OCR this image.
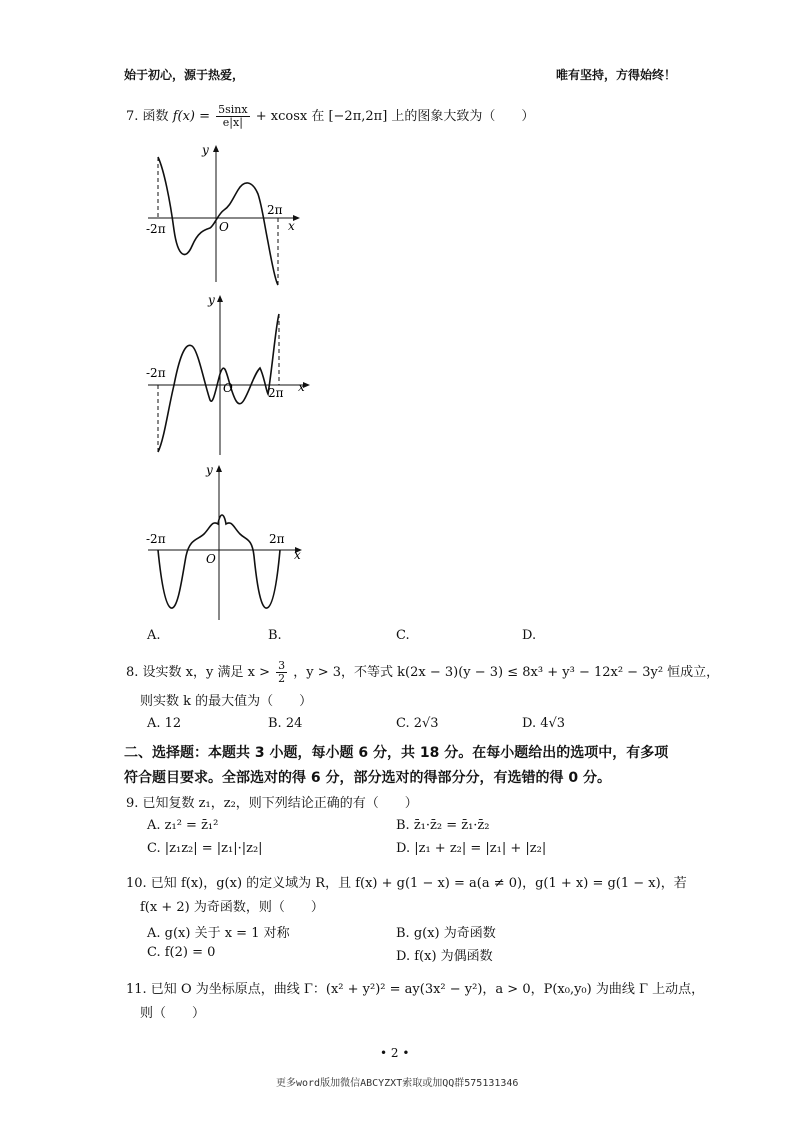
始于初心，源于热爱，	唯有坚持，方得始终！
7. 函数 $f(x) = \frac{5\sin x}{e|x|} + xcosx$ 在 [−2π,2π] 上的图象大致为（　　）
y
x
O
-2π
2π
y
x
O
-2π
2π
y
x
O
-2π	2π
A.	B.	C.	D.
8. 设实数 x，y 满足 $x > \frac{3}{2}$ ，y > 3，不等式 k(2x − 3)(y − 3) ≤ 8x³ + y³ − 12x² − 3y² 恒成立，
则实数 k 的最大值为（　　）
A. 12	B. 24	C. 2√3	D. 4√3
二、选择题：本题共 3 小题，每小题 6 分，共 18 分。在每小题给出的选项中，有多项
符合题目要求。全部选对的得 6 分，部分选对的得部分分，有选错的得 0 分。
9. 已知复数 z₁，z₂，则下列结论正确的有（　　）
A. z₁² = z̄₁²	B. z̄₁·z̄₂ = z̄₁·z̄₂
C. |z₁z₂| = |z₁|·|z₂|	D. |z₁ + z₂| = |z₁| + |z₂|
10. 已知 f(x)，g(x) 的定义域为 R，且 f(x) + g(1 − x) = a(a ≠ 0)，g(1 + x) = g(1 − x)，若
f(x + 2) 为奇函数，则（　　）
A. g(x) 关于 x = 1 对称	B. g(x) 为奇函数
C. f(2) = 0	D. f(x) 为偶函数
11. 已知 O 为坐标原点，曲线 Γ：(x² + y²)² = ay(3x² − y²)，a > 0，P(x₀,y₀) 为曲线 Γ 上动点，
则（　　）
• 2 •
更多word版加微信ABCYZXT索取或加QQ群575131346
